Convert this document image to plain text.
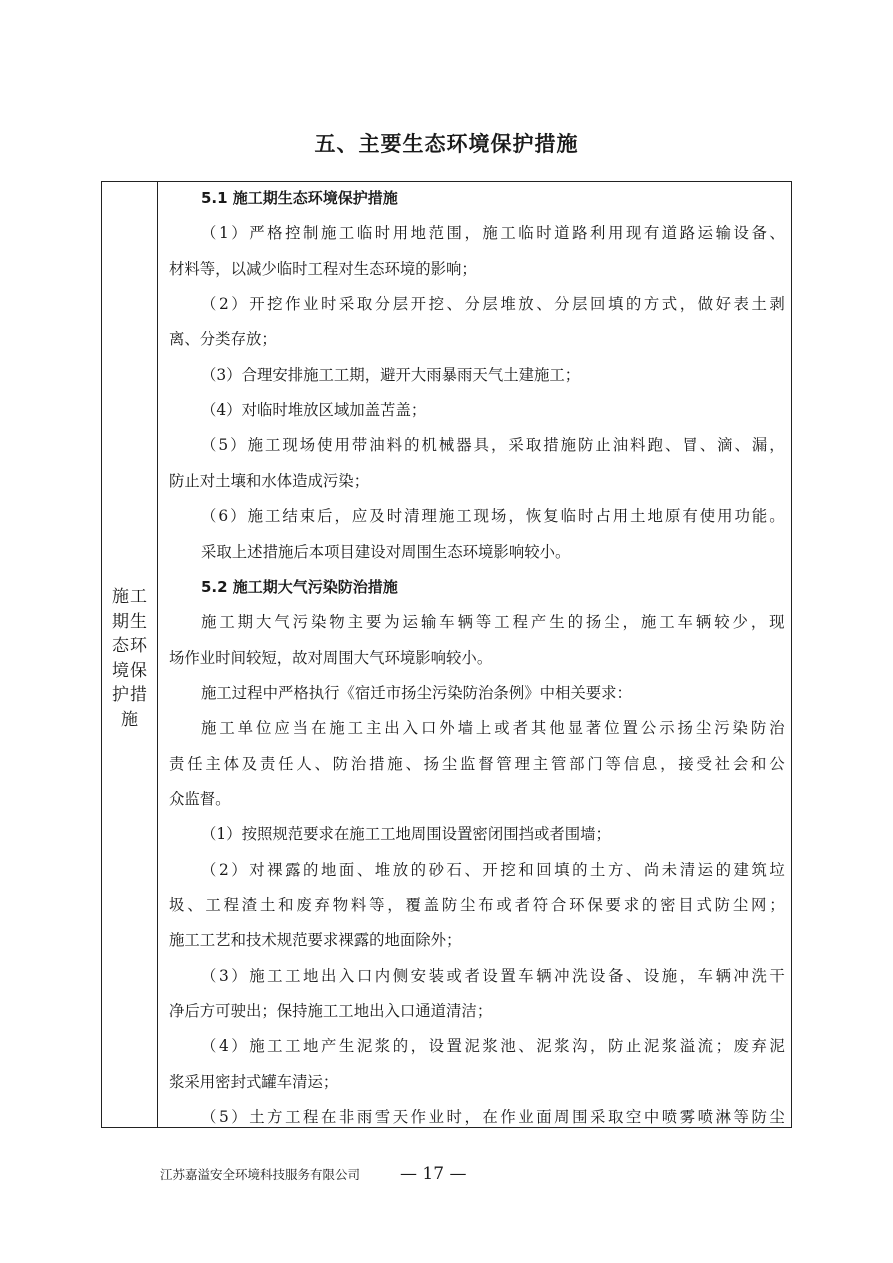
五、主要生态环境保护措施
施工
期生
态环
境保
护措
施
5.1 施工期生态环境保护措施
（ 1 ） 严 格 控 制 施 工 临 时 用 地 范 围 ， 施 工 临 时 道 路 利 用 现 有 道 路 运 输 设 备 、
材料等，以减少临时工程对生态环境的影响；
（ 2 ） 开 挖 作 业 时 采 取 分 层 开 挖 、 分 层 堆 放 、 分 层 回 填 的 方 式 ， 做 好 表 土 剥
离、分类存放；
（3）合理安排施工工期，避开大雨暴雨天气土建施工；
（4）对临时堆放区域加盖苫盖；
（ 5 ） 施 工 现 场 使 用 带 油 料 的 机 械 器 具 ， 采 取 措 施 防 止 油 料 跑 、 冒 、 滴 、 漏 ，
防止对土壤和水体造成污染；
（ 6 ） 施 工 结 束 后 ， 应 及 时 清 理 施 工 现 场 ， 恢 复 临 时 占 用 土 地 原 有 使 用 功 能 。
采取上述措施后本项目建设对周围生态环境影响较小。
5.2 施工期大气污染防治措施
施 工 期 大 气 污 染 物 主 要 为 运 输 车 辆 等 工 程 产 生 的 扬 尘 ， 施 工 车 辆 较 少 ， 现
场作业时间较短，故对周围大气环境影响较小。
施工过程中严格执行《宿迁市扬尘污染防治条例》中相关要求：
施 工 单 位 应 当 在 施 工 主 出 入 口 外 墙 上 或 者 其 他 显 著 位 置 公 示 扬 尘 污 染 防 治
责 任 主 体 及 责 任 人 、 防 治 措 施 、 扬 尘 监 督 管 理 主 管 部 门 等 信 息 ， 接 受 社 会 和 公
众监督。
（1）按照规范要求在施工工地周围设置密闭围挡或者围墙；
（ 2 ） 对 裸 露 的 地 面 、 堆 放 的 砂 石 、 开 挖 和 回 填 的 土 方 、 尚 未 清 运 的 建 筑 垃
圾 、 工 程 渣 土 和 废 弃 物 料 等 ， 覆 盖 防 尘 布 或 者 符 合 环 保 要 求 的 密 目 式 防 尘 网 ；
施工工艺和技术规范要求裸露的地面除外；
（ 3 ） 施 工 工 地 出 入 口 内 侧 安 装 或 者 设 置 车 辆 冲 洗 设 备 、 设 施 ， 车 辆 冲 洗 干
净后方可驶出；保持施工工地出入口通道清洁；
（ 4 ） 施 工 工 地 产 生 泥 浆 的 ， 设 置 泥 浆 池 、 泥 浆 沟 ， 防 止 泥 浆 溢 流 ； 废 弃 泥
浆采用密封式罐车清运；
（ 5 ） 土 方 工 程 在 非 雨 雪 天 作 业 时 ， 在 作 业 面 周 围 采 取 空 中 喷 雾 喷 淋 等 防 尘
江苏嘉溢安全环境科技服务有限公司 — 17 —
